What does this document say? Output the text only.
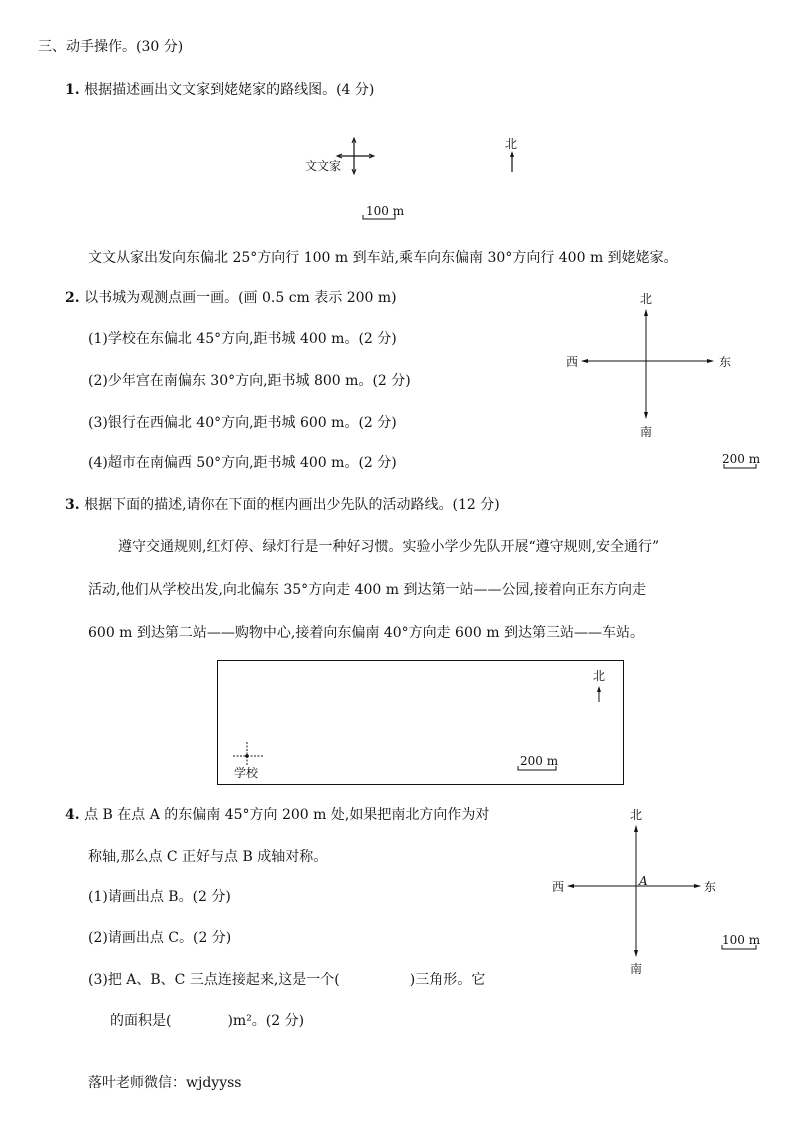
三、动手操作。(30 分)
1. 根据描述画出文文家到姥姥家的路线图。(4 分)
文文家
北
100 m
文文从家出发向东偏北 25°方向行 100 m 到车站,乘车向东偏南 30°方向行 400 m 到姥姥家。
2. 以书城为观测点画一画。(画 0.5 cm 表示 200 m)
(1)学校在东偏北 45°方向,距书城 400 m。(2 分)
(2)少年宫在南偏东 30°方向,距书城 800 m。(2 分)
(3)银行在西偏北 40°方向,距书城 600 m。(2 分)
(4)超市在南偏西 50°方向,距书城 400 m。(2 分)
北
南
西	东
200 m
3. 根据下面的描述,请你在下面的框内画出少先队的活动路线。(12 分)
遵守交通规则,红灯停、绿灯行是一种好习惯。实验小学少先队开展“遵守规则,安全通行”
活动,他们从学校出发,向北偏东 35°方向走 400 m 到达第一站——公园,接着向正东方向走
600 m 到达第二站——购物中心,接着向东偏南 40°方向走 600 m 到达第三站——车站。
北
学校
200 m
4. 点 B 在点 A 的东偏南 45°方向 200 m 处,如果把南北方向作为对
称轴,那么点 C 正好与点 B 成轴对称。
(1)请画出点 B。(2 分)
(2)请画出点 C。(2 分)
(3)把 A、B、C 三点连接起来,这是一个(　　　　　)三角形。它
的面积是(　　　　)m²。(2 分)
北
南
西	东
A
100 m
落叶老师微信：wjdyyss
